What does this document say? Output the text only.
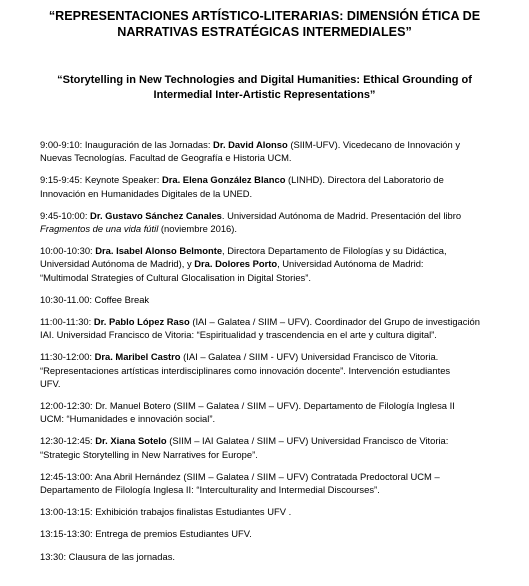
“REPRESENTACIONES ARTÍSTICO-LITERARIAS: DIMENSIÓN ÉTICA DE
NARRATIVAS ESTRATÉGICAS INTERMEDIALES”
“Storytelling in New Technologies and Digital Humanities: Ethical Grounding of
Intermedial Inter-Artistic Representations”

9:00-9:10: Inauguración de las Jornadas: Dr. David Alonso (SIIM-UFV). Vicedecano de Innovación y
Nuevas Tecnologías. Facultad de Geografía e Historia UCM.

9:15-9:45: Keynote Speaker: Dra. Elena González Blanco (LINHD). Directora del Laboratorio de
Innovación en Humanidades Digitales de la UNED.

9:45-10:00: Dr. Gustavo Sánchez Canales. Universidad Autónoma de Madrid. Presentación del libro
Fragmentos de una vida fútil (noviembre 2016).

10:00-10:30: Dra. Isabel Alonso Belmonte, Directora Departamento de Filologías y su Didáctica,
Universidad Autónoma de Madrid), y Dra. Dolores Porto, Universidad Autónoma de Madrid:
“Multimodal Strategies of Cultural Glocalisation in Digital Stories”.

10:30-11.00: Coffee Break

11:00-11:30: Dr. Pablo López Raso (IAI – Galatea / SIIM – UFV). Coordinador del Grupo de investigación
IAI. Universidad Francisco de Vitoria: “Espiritualidad y trascendencia en el arte y cultura digital”.

11:30-12:00: Dra. Maribel Castro (IAI – Galatea / SIIM - UFV) Universidad Francisco de Vitoria.
“Representaciones artísticas interdisciplinares como innovación docente”. Intervención estudiantes
UFV.

12:00-12:30: Dr. Manuel Botero (SIIM – Galatea / SIIM – UFV). Departamento de Filología Inglesa II
UCM: “Humanidades e innovación social”.

12:30-12:45: Dr. Xiana Sotelo (SIIM – IAI Galatea / SIIM – UFV) Universidad Francisco de Vitoria:
“Strategic Storytelling in New Narratives for Europe”.

12:45-13:00: Ana Abril Hernández (SIIM – Galatea / SIIM – UFV) Contratada Predoctoral UCM –
Departamento de Filología Inglesa II: “Interculturality and Intermedial Discourses”.

13:00-13:15: Exhibición trabajos finalistas Estudiantes UFV .

13:15-13:30: Entrega de premios Estudiantes UFV.

13:30: Clausura de las jornadas.
